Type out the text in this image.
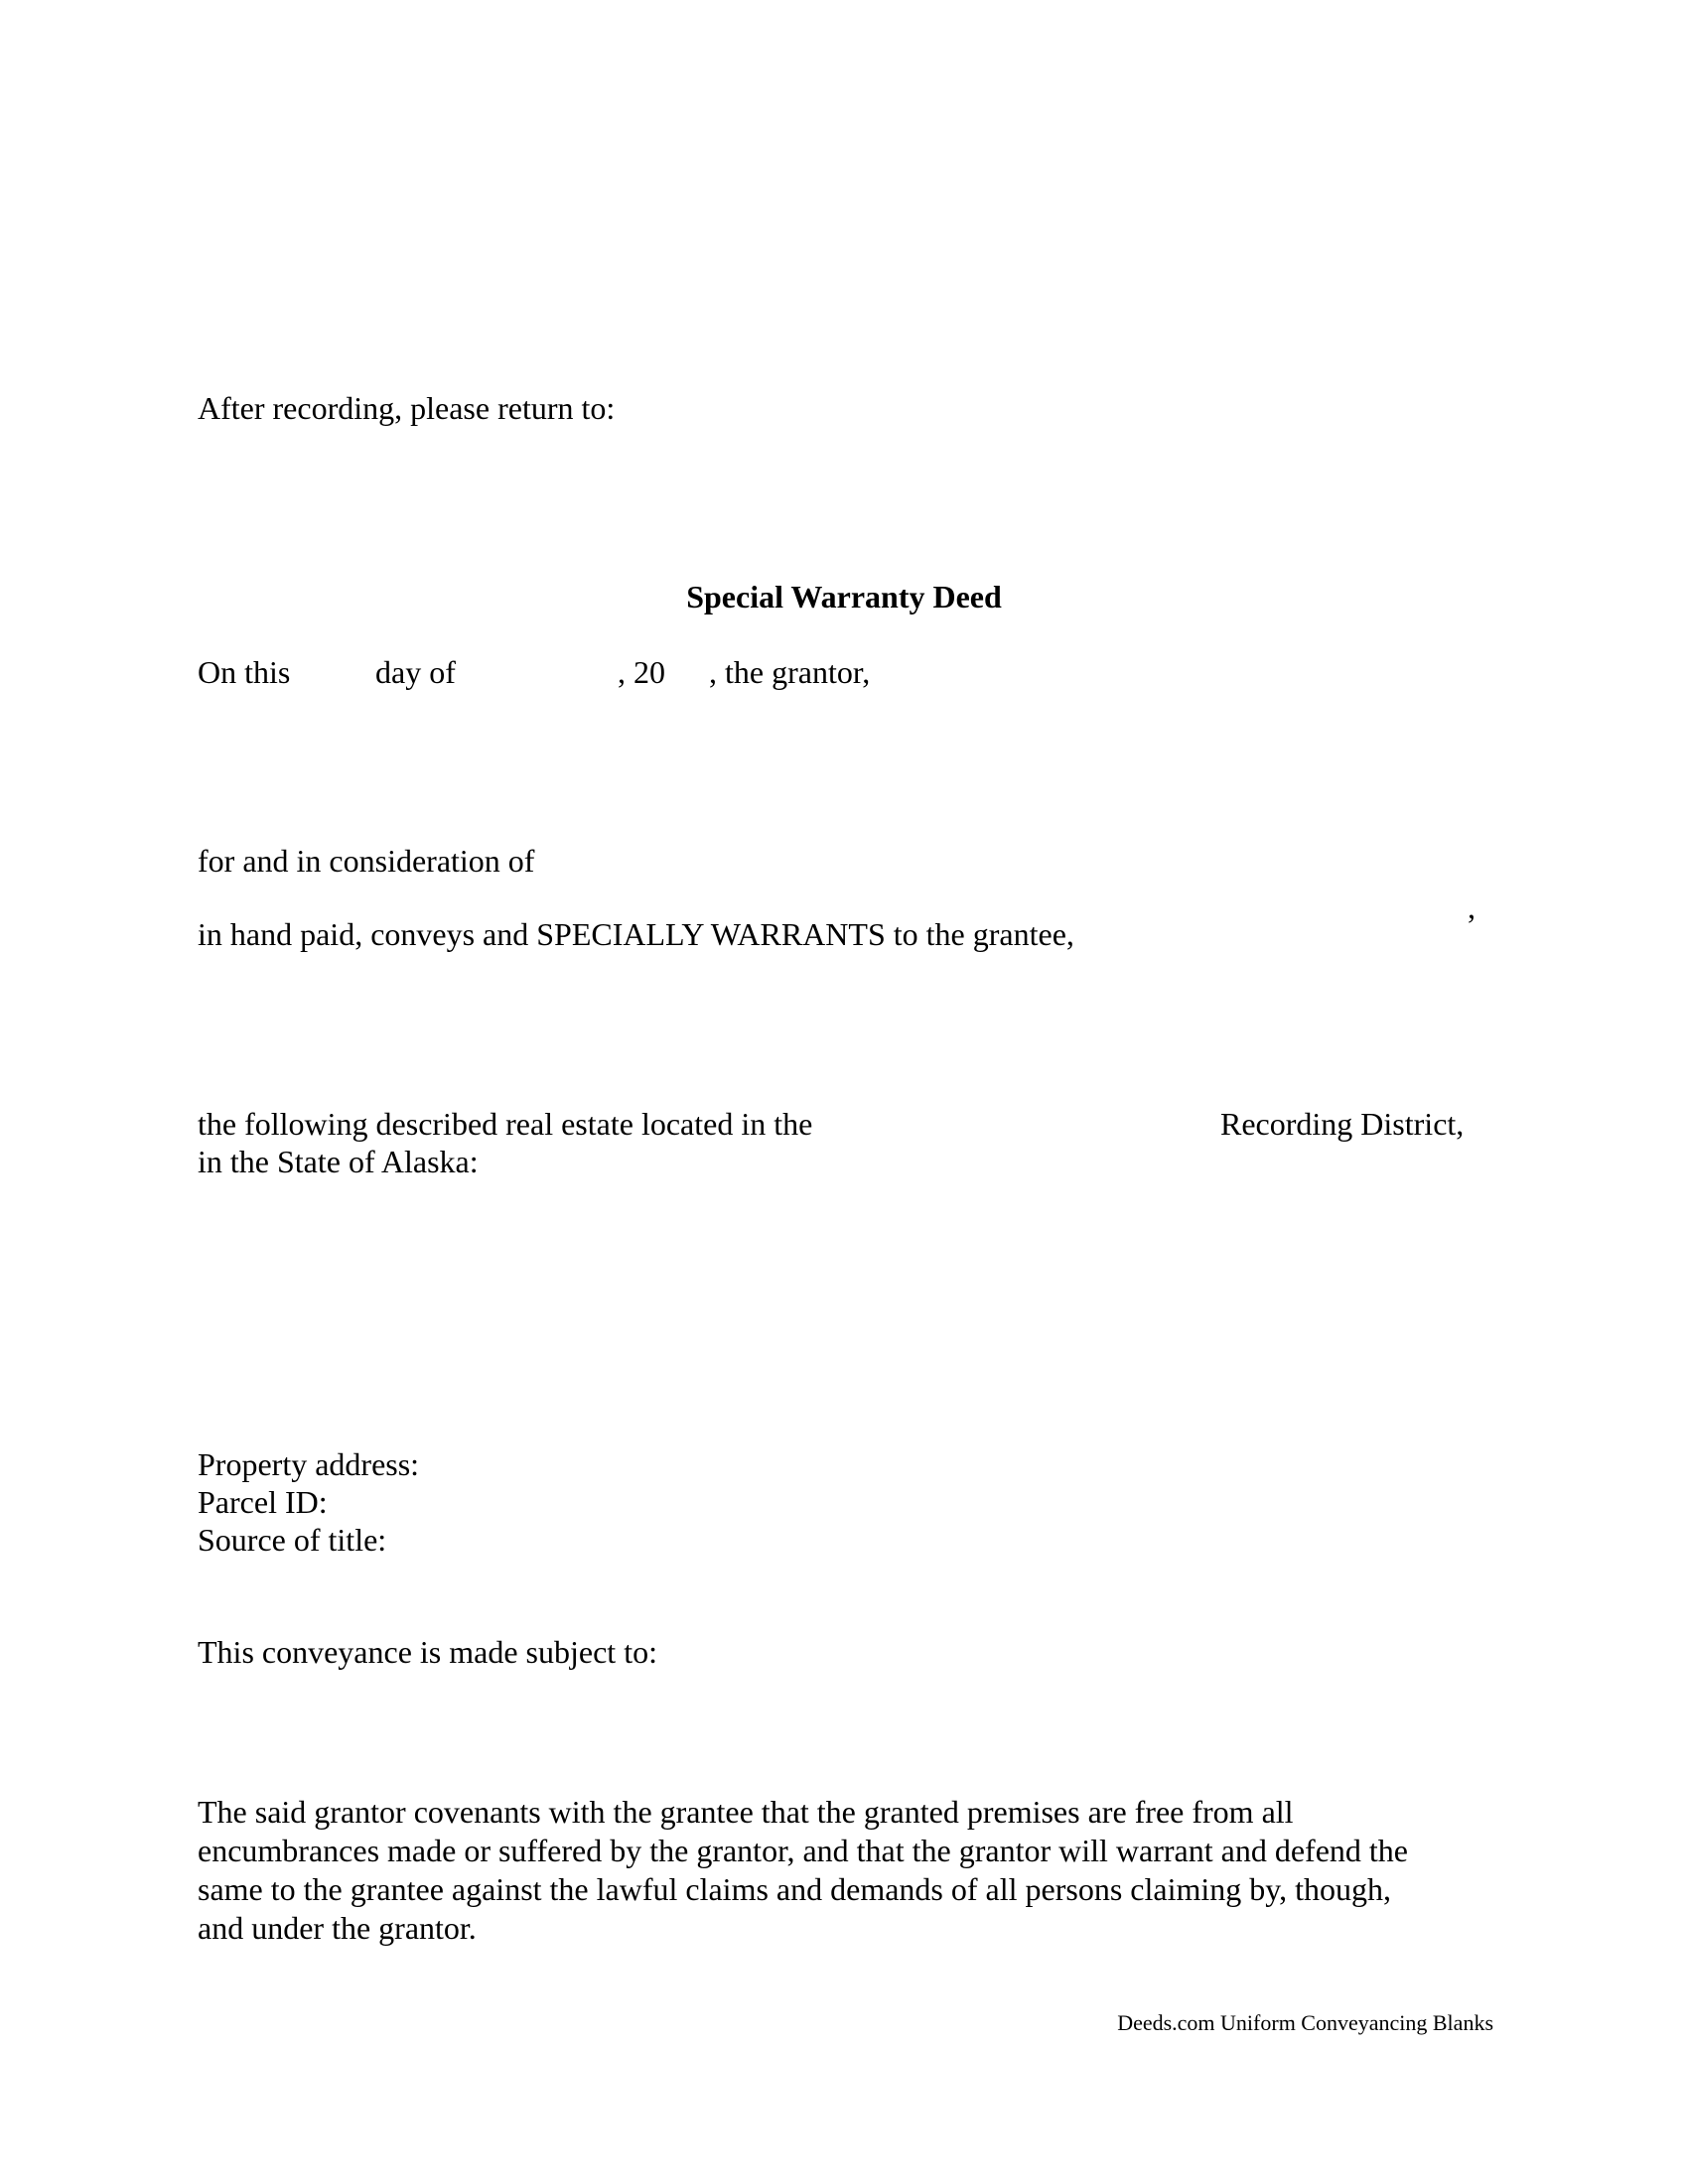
After recording, please return to:

Special Warranty Deed

On this	day of	, 20 , the grantor,

for and in consideration of

,

in hand paid, conveys and SPECIALLY WARRANTS to the grantee,

the following described real estate located in the	Recording District,

in the State of Alaska:

Property address:

Parcel ID:

Source of title:

This conveyance is made subject to:

The said grantor covenants with the grantee that the granted premises are free from all
encumbrances made or suffered by the grantor, and that the grantor will warrant and defend the
same to the grantee against the lawful claims and demands of all persons claiming by, though,
and under the grantor.

Deeds.com Uniform Conveyancing Blanks
